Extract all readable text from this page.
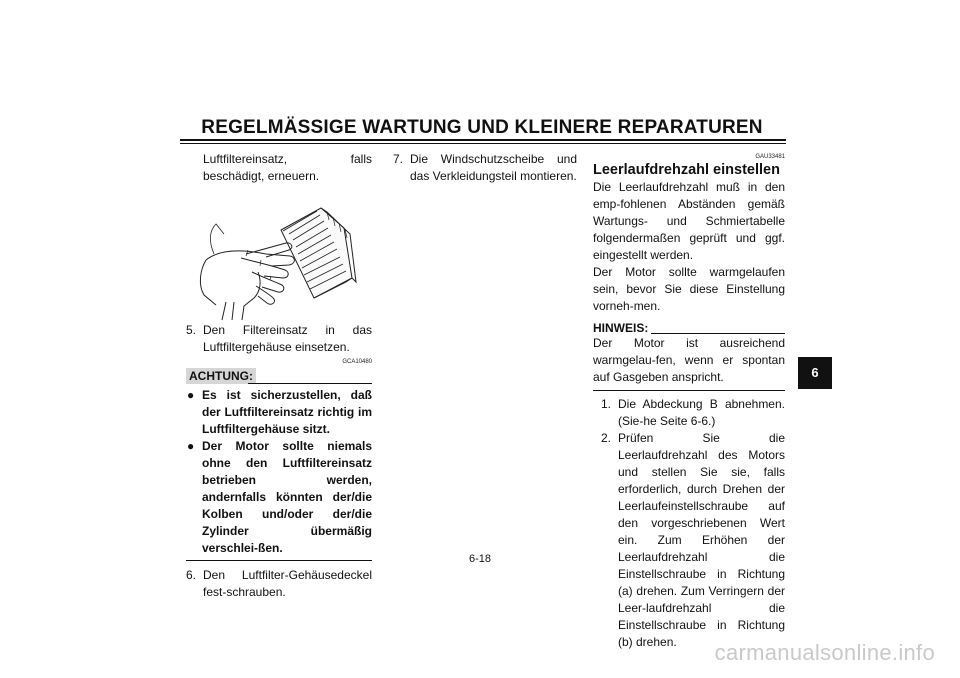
REGELMÄSSIGE WARTUNG UND KLEINERE REPARATUREN
Luftfiltereinsatz, falls beschädigt, erneuern.
5. Den Filtereinsatz in das Luftfiltergehäuse einsetzen.
GCA10480
ACHTUNG:
● Es ist sicherzustellen, daß der Luftfiltereinsatz richtig im Luftfiltergehäuse sitzt.
● Der Motor sollte niemals ohne den Luftfiltereinsatz betrieben werden, andernfalls könnten der/die Kolben und/oder der/die Zylinder übermäßig verschlei-ßen.
6. Den Luftfilter-Gehäusedeckel fest-schrauben.
7. Die Windschutzscheibe und das Verkleidungsteil montieren.
GAU33481
Leerlaufdrehzahl einstellen
Die Leerlaufdrehzahl muß in den emp-fohlenen Abständen gemäß Wartungs- und Schmiertabelle folgendermaßen geprüft und ggf. eingestellt werden.
Der Motor sollte warmgelaufen sein, bevor Sie diese Einstellung vorneh-men.
HINWEIS:
Der Motor ist ausreichend warmgelau-fen, wenn er spontan auf Gasgeben anspricht.
1. Die Abdeckung B abnehmen. (Sie-he Seite 6-6.)
2. Prüfen Sie die Leerlaufdrehzahl des Motors und stellen Sie sie, falls erforderlich, durch Drehen der Leerlaufeinstellschraube auf den vorgeschriebenen Wert ein. Zum Erhöhen der Leerlaufdrehzahl die Einstellschraube in Richtung (a) drehen. Zum Verringern der Leer-laufdrehzahl die Einstellschraube in Richtung (b) drehen.
6
6-18
carmanualsonline.info
